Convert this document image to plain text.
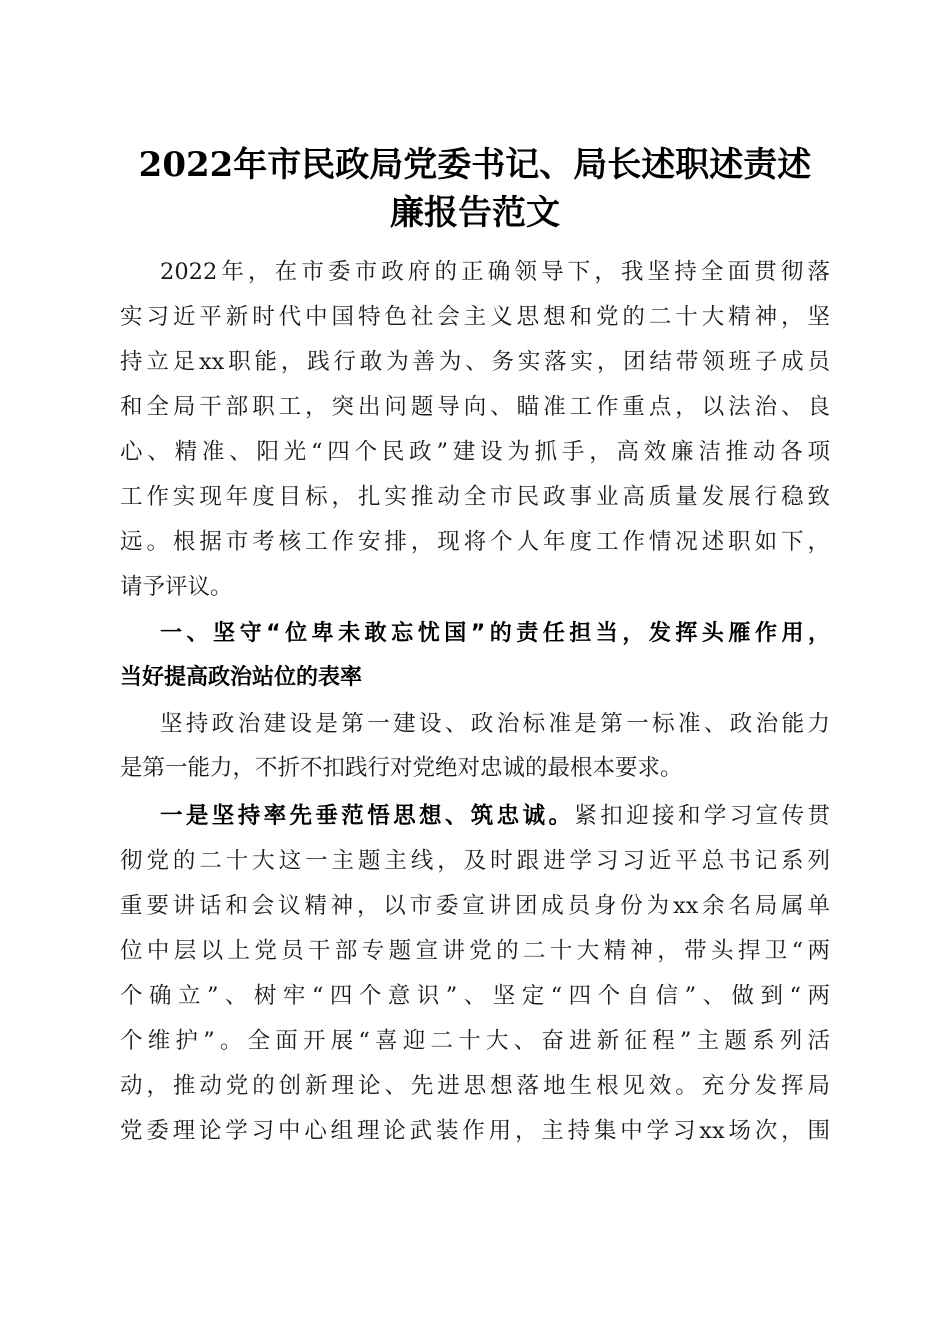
2022年市民政局党委书记、局长述职述责述
廉报告范文
2022年，在市委市政府的正确领导下，我坚持全面贯彻落
实习近平新时代中国特色社会主义思想和党的二十大精神，坚
持立足xx职能，践行敢为善为、务实落实，团结带领班子成员
和全局干部职工，突出问题导向、瞄准工作重点，以法治、良
心、精准、阳光“四个民政”建设为抓手，高效廉洁推动各项
工作实现年度目标，扎实推动全市民政事业高质量发展行稳致
远。根据市考核工作安排，现将个人年度工作情况述职如下，
请予评议。
一、坚守“位卑未敢忘忧国”的责任担当，发挥头雁作用，
当好提高政治站位的表率
坚持政治建设是第一建设、政治标准是第一标准、政治能力
是第一能力，不折不扣践行对党绝对忠诚的最根本要求。
一是坚持率先垂范悟思想、筑忠诚。紧扣迎接和学习宣传贯
彻党的二十大这一主题主线，及时跟进学习习近平总书记系列
重要讲话和会议精神，以市委宣讲团成员身份为xx余名局属单
位中层以上党员干部专题宣讲党的二十大精神，带头捍卫“两
个确立”、树牢“四个意识”、坚定“四个自信”、做到“两
个维护”。全面开展“喜迎二十大、奋进新征程”主题系列活
动，推动党的创新理论、先进思想落地生根见效。充分发挥局
党委理论学习中心组理论武装作用，主持集中学习xx场次，围
